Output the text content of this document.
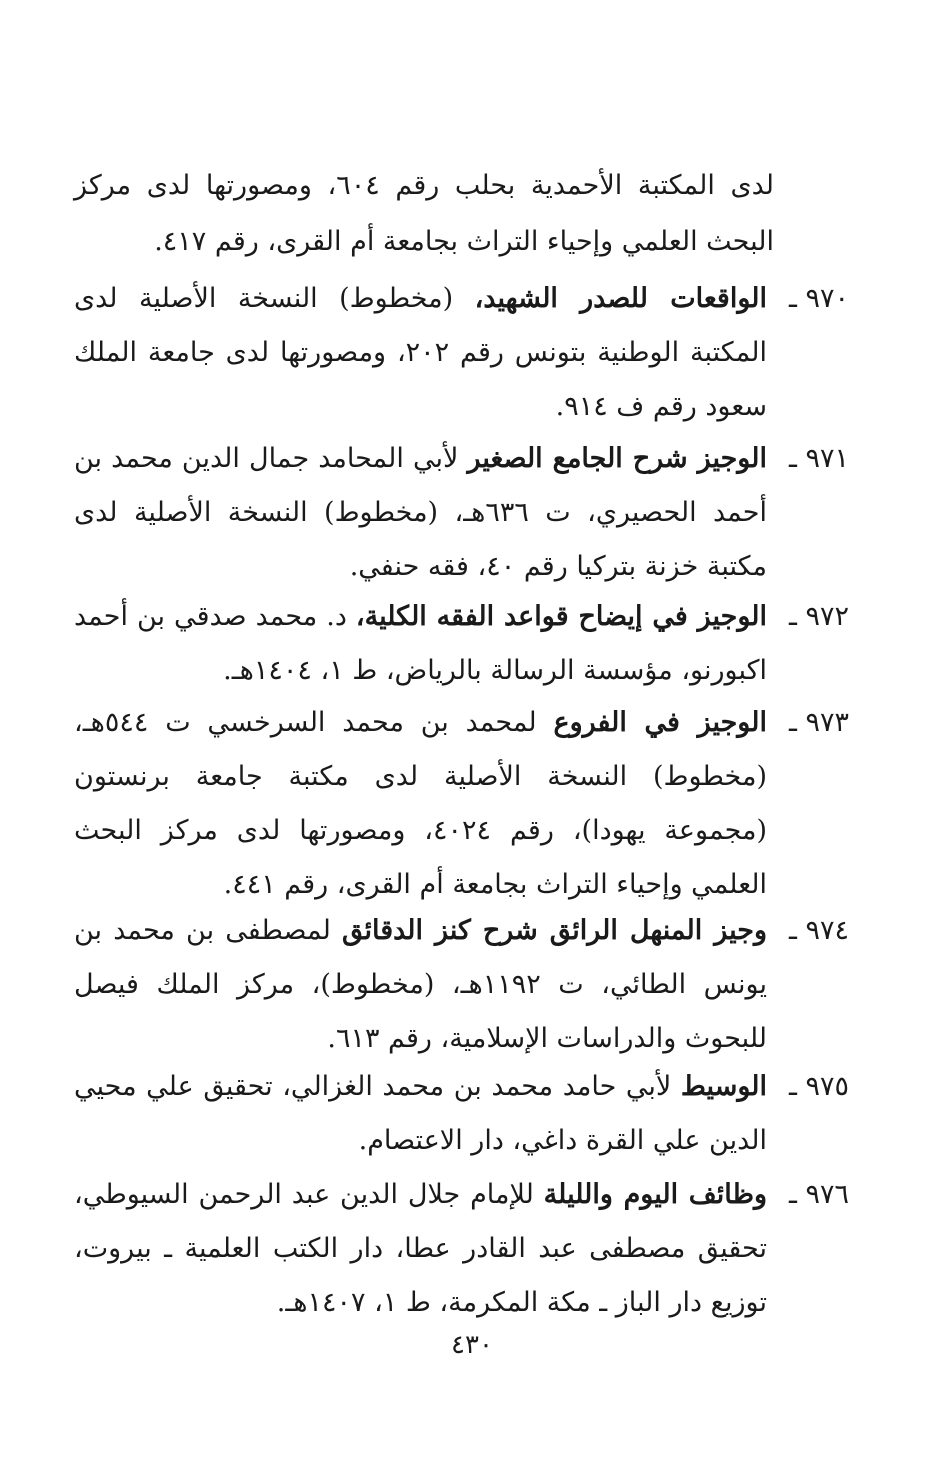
لدى المكتبة الأحمدية بحلب رقم ٦٠٤، ومصورتها لدى مركز البحث العلمي وإحياء التراث بجامعة أم القرى، رقم ٤١٧.
٩٧٠ ـ
الواقعات للصدر الشهيد، (مخطوط) النسخة الأصلية لدى المكتبة الوطنية بتونس رقم ٢٠٢، ومصورتها لدى جامعة الملك سعود رقم ف ٩١٤.
٩٧١ ـ
الوجيز شرح الجامع الصغير لأبي المحامد جمال الدين محمد بن أحمد الحصيري، ت ٦٣٦هـ، (مخطوط) النسخة الأصلية لدى مكتبة خزنة بتركيا رقم ٤٠، فقه حنفي.
٩٧٢ ـ
الوجيز في إيضاح قواعد الفقه الكلية، د. محمد صدقي بن أحمد اكبورنو، مؤسسة الرسالة بالرياض، ط ١، ١٤٠٤هـ.
٩٧٣ ـ
الوجيز في الفروع لمحمد بن محمد السرخسي ت ٥٤٤هـ، (مخطوط) النسخة الأصلية لدى مكتبة جامعة برنستون (مجموعة يهودا)، رقم ٤٠٢٤، ومصورتها لدى مركز البحث العلمي وإحياء التراث بجامعة أم القرى، رقم ٤٤١.
٩٧٤ ـ
وجيز المنهل الرائق شرح كنز الدقائق لمصطفى بن محمد بن يونس الطائي، ت ١١٩٢هـ، (مخطوط)، مركز الملك فيصل للبحوث والدراسات الإسلامية، رقم ٦١٣.
٩٧٥ ـ
الوسيط لأبي حامد محمد بن محمد الغزالي، تحقيق علي محيي الدين علي القرة داغي، دار الاعتصام.
٩٧٦ ـ
وظائف اليوم والليلة للإمام جلال الدين عبد الرحمن السيوطي، تحقيق مصطفى عبد القادر عطا، دار الكتب العلمية ـ بيروت، توزيع دار الباز ـ مكة المكرمة، ط ١، ١٤٠٧هـ.
٤٣٠
